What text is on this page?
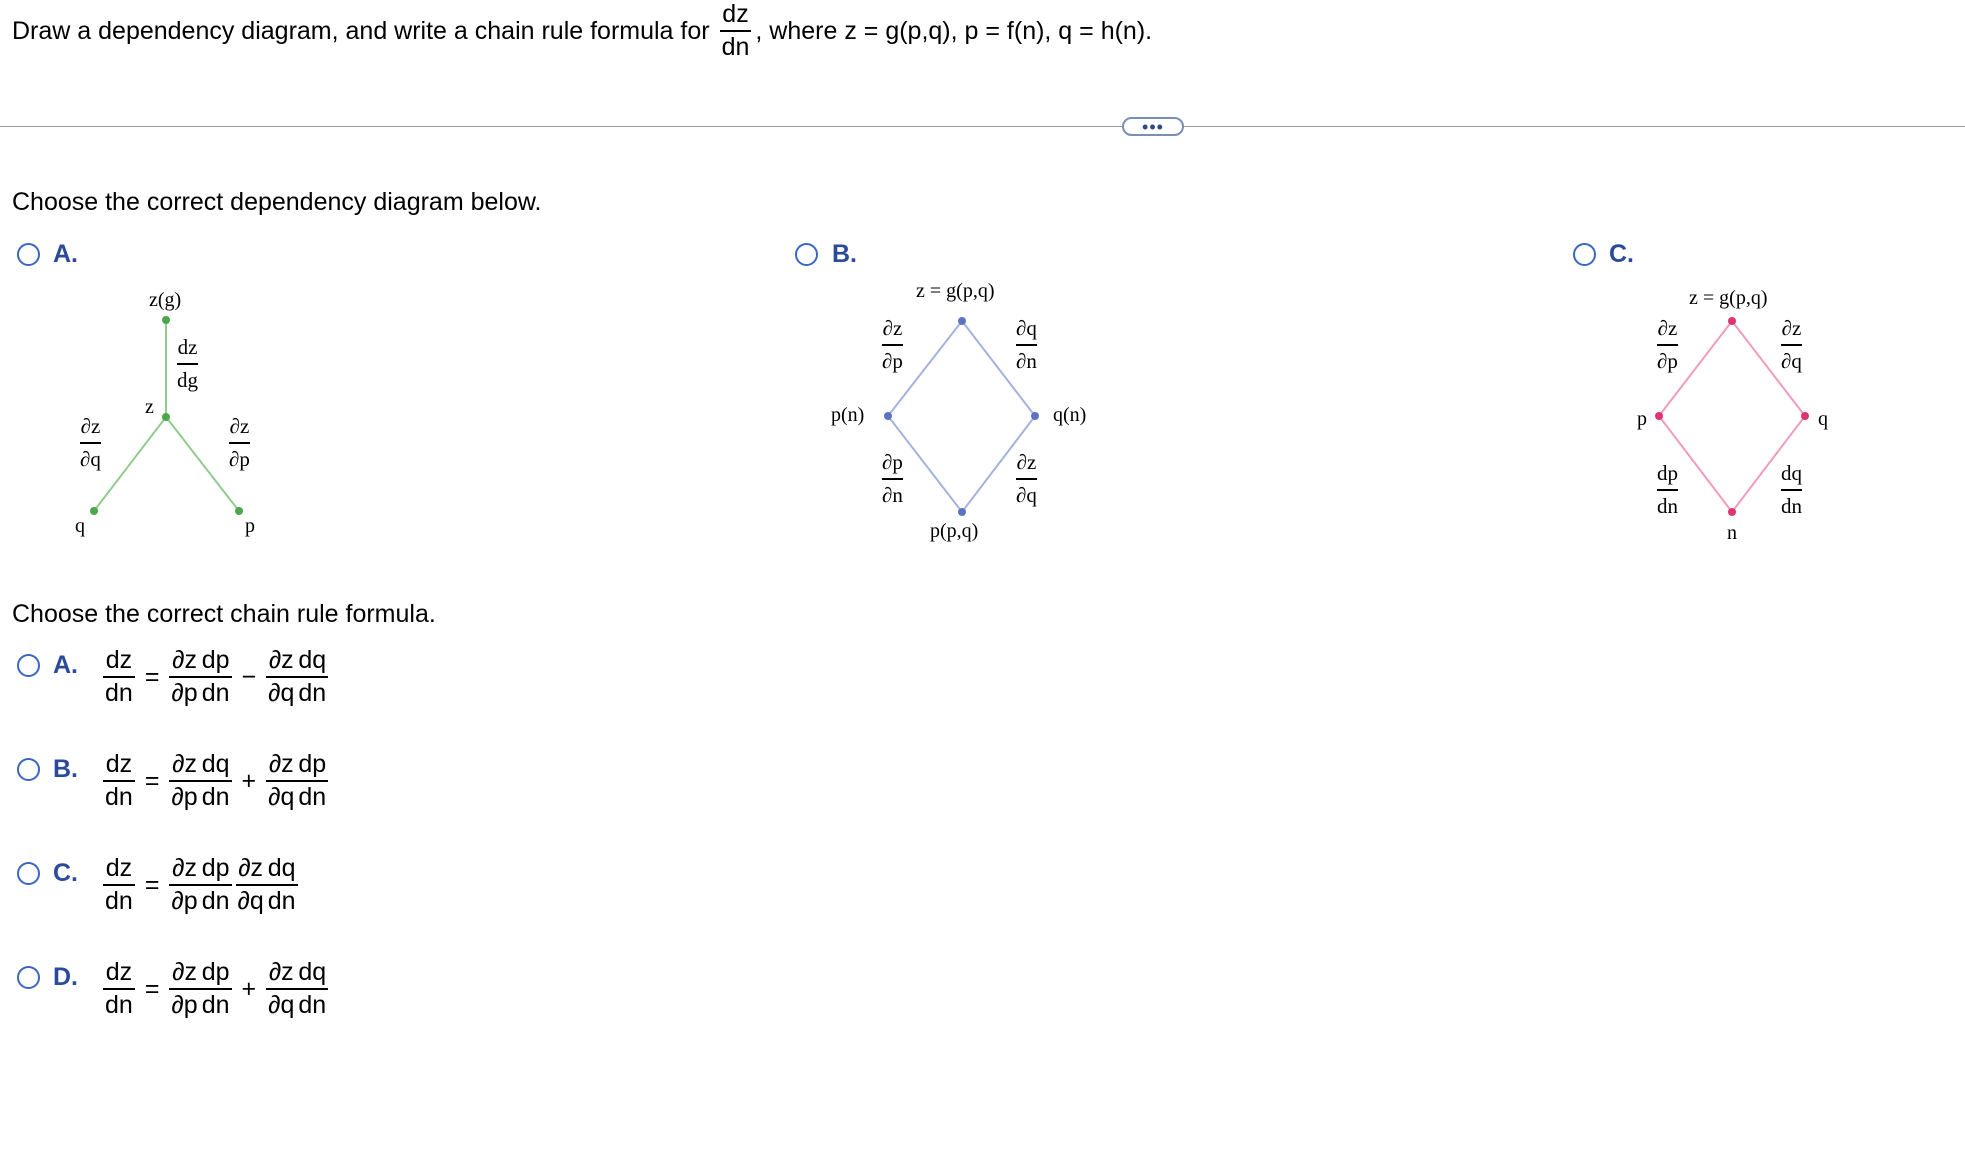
Draw a dependency diagram, and write a chain rule formula for $\frac{dz}{dn}$ , where z = g(p,q), p = f(n), q = h(n).
•••
Choose the correct dependency diagram below.
A.
z(g)
z
q	p
dz
dg
∂z
∂q
∂z
∂p
B.
z = g(p,q)
p(n)	q(n)
p(p,q)
∂z
∂p
∂q
∂n
∂p
∂n
∂z
∂q
C.
z = g(p,q)
p	q
n
∂z
∂p
∂z
∂q
dp
dn
dq
dn
Choose the correct chain rule formula.
A. $\frac{dz}{dn} = \frac{\partial z}{\partial p} \frac{dp}{dn} - \frac{\partial z}{\partial q} \frac{dq}{dn}$
B. $\frac{dz}{dn} = \frac{\partial z}{\partial p} \frac{dq}{dn} + \frac{\partial z}{\partial q} \frac{dp}{dn}$
C. $\frac{dz}{dn} = \frac{\partial z}{\partial p} \frac{dp}{dn} \frac{\partial z}{\partial q} \frac{dq}{dn}$
D. $\frac{dz}{dn} = \frac{\partial z}{\partial p} \frac{dp}{dn} + \frac{\partial z}{\partial q} \frac{dq}{dn}$
